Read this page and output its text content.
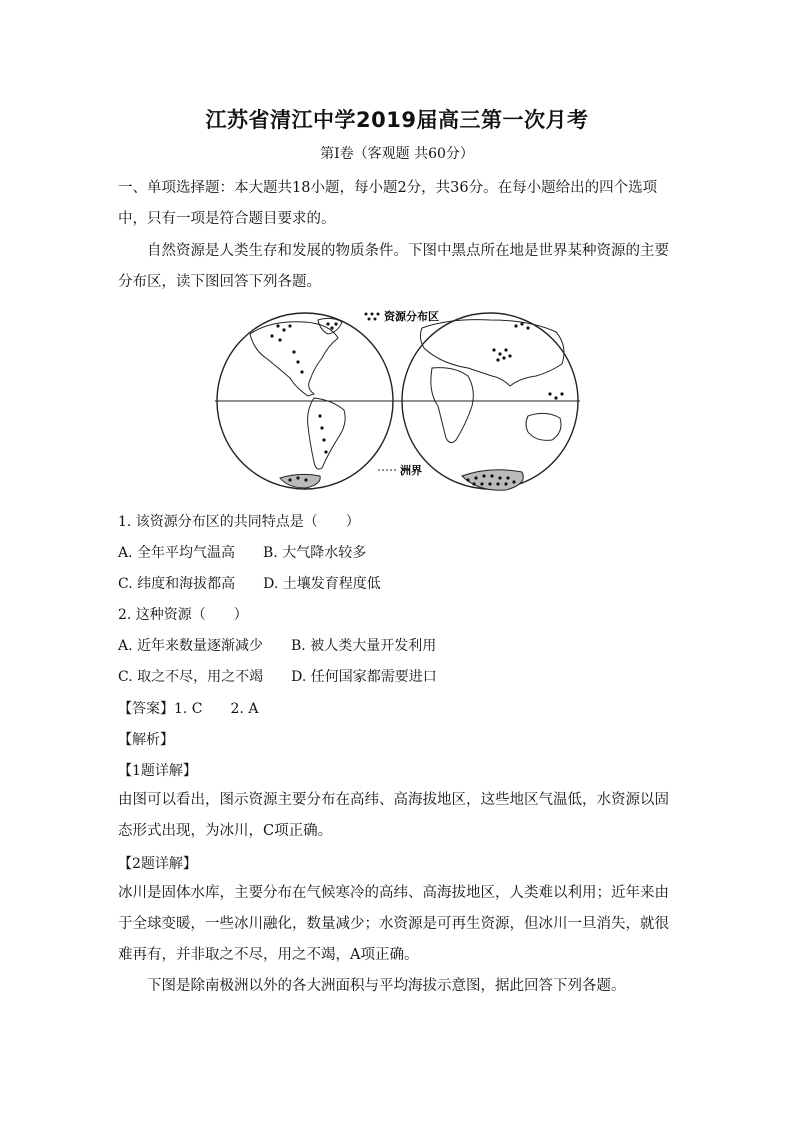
江苏省清江中学2019届高三第一次月考
第I卷（客观题 共60分）
一、单项选择题：本大题共18小题，每小题2分，共36分。在每小题给出的四个选项中，只有一项是符合题目要求的。
自然资源是人类生存和发展的物质条件。下图中黑点所在地是世界某种资源的主要分布区，读下图回答下列各题。
资源分布区
洲界
1. 该资源分布区的共同特点是（　　）
A. 全年平均气温高 B. 大气降水较多
C. 纬度和海拔都高 D. 土壤发育程度低
2. 这种资源（　　）
A. 近年来数量逐渐减少 B. 被人类大量开发利用
C. 取之不尽，用之不竭 D. 任何国家都需要进口
【答案】1. C　　2. A
【解析】
【1题详解】
由图可以看出，图示资源主要分布在高纬、高海拔地区，这些地区气温低，水资源以固态形式出现，为冰川，C项正确。
【2题详解】
冰川是固体水库，主要分布在气候寒冷的高纬、高海拔地区，人类难以利用；近年来由于全球变暖，一些冰川融化，数量减少；水资源是可再生资源，但冰川一旦消失，就很难再有，并非取之不尽，用之不竭，A项正确。
下图是除南极洲以外的各大洲面积与平均海拔示意图，据此回答下列各题。
